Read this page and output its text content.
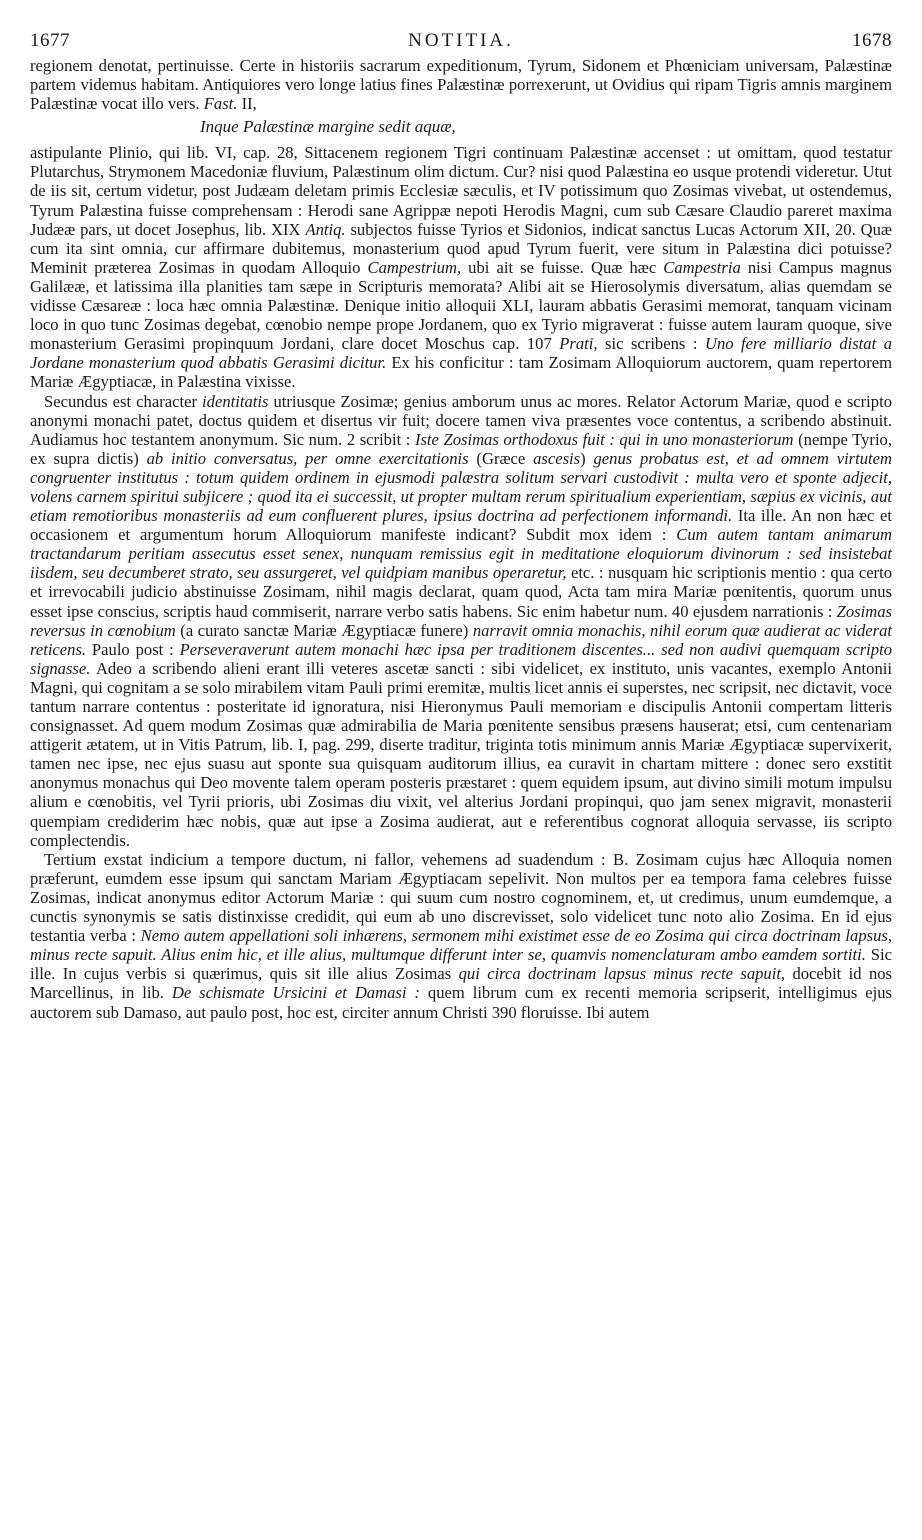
1677	NOTITIA.	1678

regionem denotat, pertinuisse. Certe in historiis sacrarum expeditionum, Tyrum, Sidonem et Phœniciam universam, Palæstinæ partem videmus habitam. Antiquiores vero longe latius fines Palæstinæ porrexerunt, ut Ovidius qui ripam Tigris amnis marginem Palæstinæ vocat illo vers. Fast. II,

Inque Palæstinæ margine sedit aquæ,

astipulante Plinio, qui lib. VI, cap. 28, Sittacenem regionem Tigri continuam Palæstinæ accenset : ut omittam, quod testatur Plutarchus, Strymonem Macedoniæ fluvium, Palæstinum olim dictum. Cur? nisi quod Palæstina eo usque protendi videretur. Utut de iis sit, certum videtur, post Judæam deletam primis Ecclesiæ sæculis, et IV potissimum quo Zosimas vivebat, ut ostendemus, Tyrum Palæstina fuisse comprehensam : Herodi sane Agrippæ nepoti Herodis Magni, cum sub Cæsare Claudio pareret maxima Judææ pars, ut docet Josephus, lib. XIX Antiq. subjectos fuisse Tyrios et Sidonios, indicat sanctus Lucas Actorum XII, 20. Quæ cum ita sint omnia, cur affirmare dubitemus, monasterium quod apud Tyrum fuerit, vere situm in Palæstina dici potuisse? Meminit præterea Zosimas in quodam Alloquio Campestrium, ubi ait se fuisse. Quæ hæc Campestria nisi Campus magnus Galilææ, et latissima illa planities tam sæpe in Scripturis memorata? Alibi ait se Hierosolymis diversatum, alias quemdam se vidisse Cæsareæ : loca hæc omnia Palæstinæ. Denique initio alloquii XLI, lauram abbatis Gerasimi memorat, tanquam vicinam loco in quo tunc Zosimas degebat, cœnobio nempe prope Jordanem, quo ex Tyrio migraverat : fuisse autem lauram quoque, sive monasterium Gerasimi propinquum Jordani, clare docet Moschus cap. 107 Prati, sic scribens : Uno fere milliario distat a Jordane monasterium quod abbatis Gerasimi dicitur. Ex his conficitur : tam Zosimam Alloquiorum auctorem, quam repertorem Mariæ Ægyptiacæ, in Palæstina vixisse.

Secundus est character identitatis utriusque Zosimæ; genius amborum unus ac mores. Relator Actorum Mariæ, quod e scripto anonymi monachi patet, doctus quidem et disertus vir fuit; docere tamen viva præsentes voce contentus, a scribendo abstinuit. Audiamus hoc testantem anonymum. Sic num. 2 scribit : Iste Zosimas orthodoxus fuit : qui in uno monasteriorum (nempe Tyrio, ex supra dictis) ab initio conversatus, per omne exercitationis (Græce ascesis) genus probatus est, et ad omnem virtutem congruenter institutus : totum quidem ordinem in ejusmodi palæstra solitum servari custodivit : multa vero et sponte adjecit, volens carnem spiritui subjicere ; quod ita ei successit, ut propter multam rerum spiritualium experientiam, sæpius ex vicinis, aut etiam remotioribus monasteriis ad eum confluerent plures, ipsius doctrina ad perfectionem informandi. Ita ille. An non hæc et occasionem et argumentum horum Alloquiorum manifeste indicant? Subdit mox idem : Cum autem tantam animarum tractandarum peritiam assecutus esset senex, nunquam remissius egit in meditatione eloquiorum divinorum : sed insistebat iisdem, seu decumberet strato, seu assurgeret, vel quidpiam manibus operaretur, etc. : nusquam hic scriptionis mentio : qua certo et irrevocabili judicio abstinuisse Zosimam, nihil magis declarat, quam quod, Acta tam mira Mariæ pœnitentis, quorum unus esset ipse conscius, scriptis haud commiserit, narrare verbo satis habens. Sic enim habetur num. 40 ejusdem narrationis : Zosimas reversus in cœnobium (a curato sanctæ Mariæ Ægyptiacæ funere) narravit omnia monachis, nihil eorum quæ audierat ac viderat reticens. Paulo post : Perseveraverunt autem monachi hæc ipsa per traditionem discentes... sed non audivi quemquam scripto signasse. Adeo a scribendo alieni erant illi veteres ascetæ sancti : sibi videlicet, ex instituto, unis vacantes, exemplo Antonii Magni, qui cognitam a se solo mirabilem vitam Pauli primi eremitæ, multis licet annis ei superstes, nec scripsit, nec dictavit, voce tantum narrare contentus : posteritate id ignoratura, nisi Hieronymus Pauli memoriam e discipulis Antonii compertam litteris consignasset. Ad quem modum Zosimas quæ admirabilia de Maria pœnitente sensibus præsens hauserat; etsi, cum centenariam attigerit ætatem, ut in Vitis Patrum, lib. I, pag. 299, diserte traditur, triginta totis minimum annis Mariæ Ægyptiacæ supervixerit, tamen nec ipse, nec ejus suasu aut sponte sua quisquam auditorum illius, ea curavit in chartam mittere : donec sero exstitit anonymus monachus qui Deo movente talem operam posteris præstaret : quem equidem ipsum, aut divino simili motum impulsu alium e cœnobitis, vel Tyrii prioris, ubi Zosimas diu vixit, vel alterius Jordani propinqui, quo jam senex migravit, monasterii quempiam crediderim hæc nobis, quæ aut ipse a Zosima audierat, aut e referentibus cognorat alloquia servasse, iis scripto complectendis.

Tertium exstat indicium a tempore ductum, ni fallor, vehemens ad suadendum : B. Zosimam cujus hæc Alloquia nomen præferunt, eumdem esse ipsum qui sanctam Mariam Ægyptiacam sepelivit. Non multos per ea tempora fama celebres fuisse Zosimas, indicat anonymus editor Actorum Mariæ : qui suum cum nostro cognominem, et, ut credimus, unum eumdemque, a cunctis synonymis se satis distinxisse credidit, qui eum ab uno discrevisset, solo videlicet tunc noto alio Zosima. En id ejus testantia verba : Nemo autem appellationi soli inhærens, sermonem mihi existimet esse de eo Zosima qui circa doctrinam lapsus, minus recte sapuit. Alius enim hic, et ille alius, multumque differunt inter se, quamvis nomenclaturam ambo eamdem sortiti. Sic ille. In cujus verbis si quærimus, quis sit ille alius Zosimas qui circa doctrinam lapsus minus recte sapuit, docebit id nos Marcellinus, in lib. De schismate Ursicini et Damasi : quem librum cum ex recenti memoria scripserit, intelligimus ejus auctorem sub Damaso, aut paulo post, hoc est, circiter annum Christi 390 floruisse. Ibi autem
